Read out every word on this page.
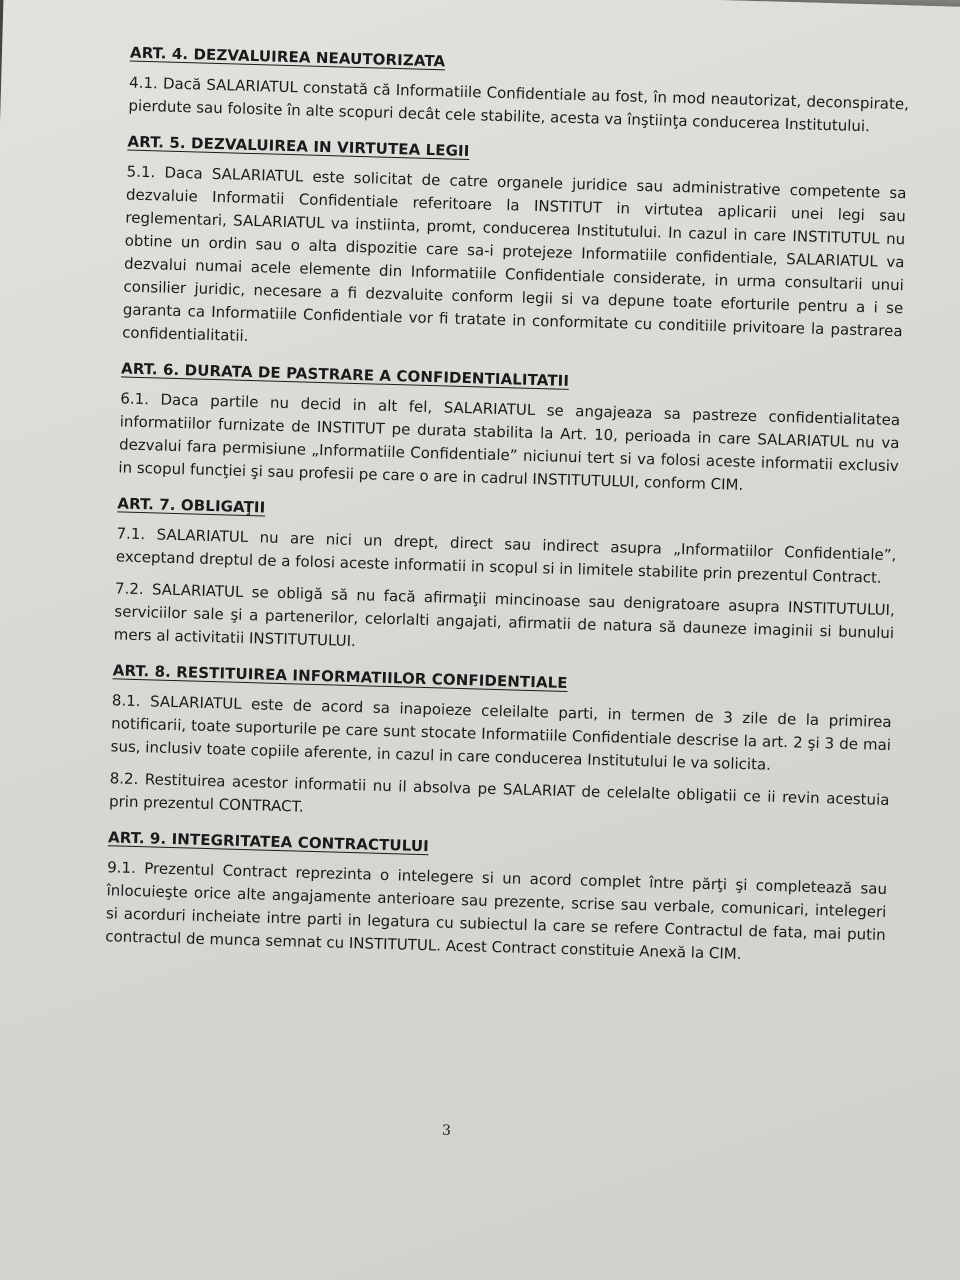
ART. 4. DEZVALUIREA NEAUTORIZATA

4.1. Dacă SALARIATUL constată că Informatiile Confidentiale au fost, în mod neautorizat, deconspirate, pierdute sau folosite în alte scopuri decât cele stabilite, acesta va înştiinţa conducerea Institutului.

ART. 5. DEZVALUIREA IN VIRTUTEA LEGII

5.1. Daca SALARIATUL este solicitat de catre organele juridice sau administrative competente sa dezvaluie Informatii Confidentiale referitoare la INSTITUT in virtutea aplicarii unei legi sau reglementari, SALARIATUL va instiinta, promt, conducerea Institutului. In cazul in care INSTITUTUL nu obtine un ordin sau o alta dispozitie care sa-i protejeze Informatiile confidentiale, SALARIATUL va dezvalui numai acele elemente din Informatiile Confidentiale considerate, in urma consultarii unui consilier juridic, necesare a fi dezvaluite conform legii si va depune toate eforturile pentru a i se garanta ca Informatiile Confidentiale vor fi tratate in conformitate cu conditiile privitoare la pastrarea confidentialitatii.

ART. 6. DURATA DE PASTRARE A CONFIDENTIALITATII

6.1. Daca partile nu decid in alt fel, SALARIATUL se angajeaza sa pastreze confidentialitatea informatiilor furnizate de INSTITUT pe durata stabilita la Art. 10, perioada in care SALARIATUL nu va dezvalui fara permisiune „Informatiile Confidentiale” niciunui tert si va folosi aceste informatii exclusiv in scopul funcţiei şi sau profesii pe care o are in cadrul INSTITUTULUI, conform CIM.

ART. 7. OBLIGAŢII

7.1. SALARIATUL nu are nici un drept, direct sau indirect asupra „Informatiilor Confidentiale”, exceptand dreptul de a folosi aceste informatii in scopul si in limitele stabilite prin prezentul Contract.

7.2. SALARIATUL se obligă să nu facă afirmaţii mincinoase sau denigratoare asupra INSTITUTULUI, serviciilor sale şi a partenerilor, celorlalti angajati, afirmatii de natura să dauneze imaginii si bunului mers al activitatii INSTITUTULUI.

ART. 8. RESTITUIREA INFORMATIILOR CONFIDENTIALE

8.1. SALARIATUL este de acord sa inapoieze celeilalte parti, in termen de 3 zile de la primirea notificarii, toate suporturile pe care sunt stocate Informatiile Confidentiale descrise la art. 2 şi 3 de mai sus, inclusiv toate copiile aferente, in cazul in care conducerea Institutului le va solicita.

8.2. Restituirea acestor informatii nu il absolva pe SALARIAT de celelalte obligatii ce ii revin acestuia prin prezentul CONTRACT.

ART. 9. INTEGRITATEA CONTRACTULUI

9.1. Prezentul Contract reprezinta o intelegere si un acord complet între părţi şi completează sau înlocuieşte orice alte angajamente anterioare sau prezente, scrise sau verbale, comunicari, intelegeri si acorduri incheiate intre parti in legatura cu subiectul la care se refere Contractul de fata, mai putin contractul de munca semnat cu INSTITUTUL. Acest Contract constituie Anexă la CIM.

3
